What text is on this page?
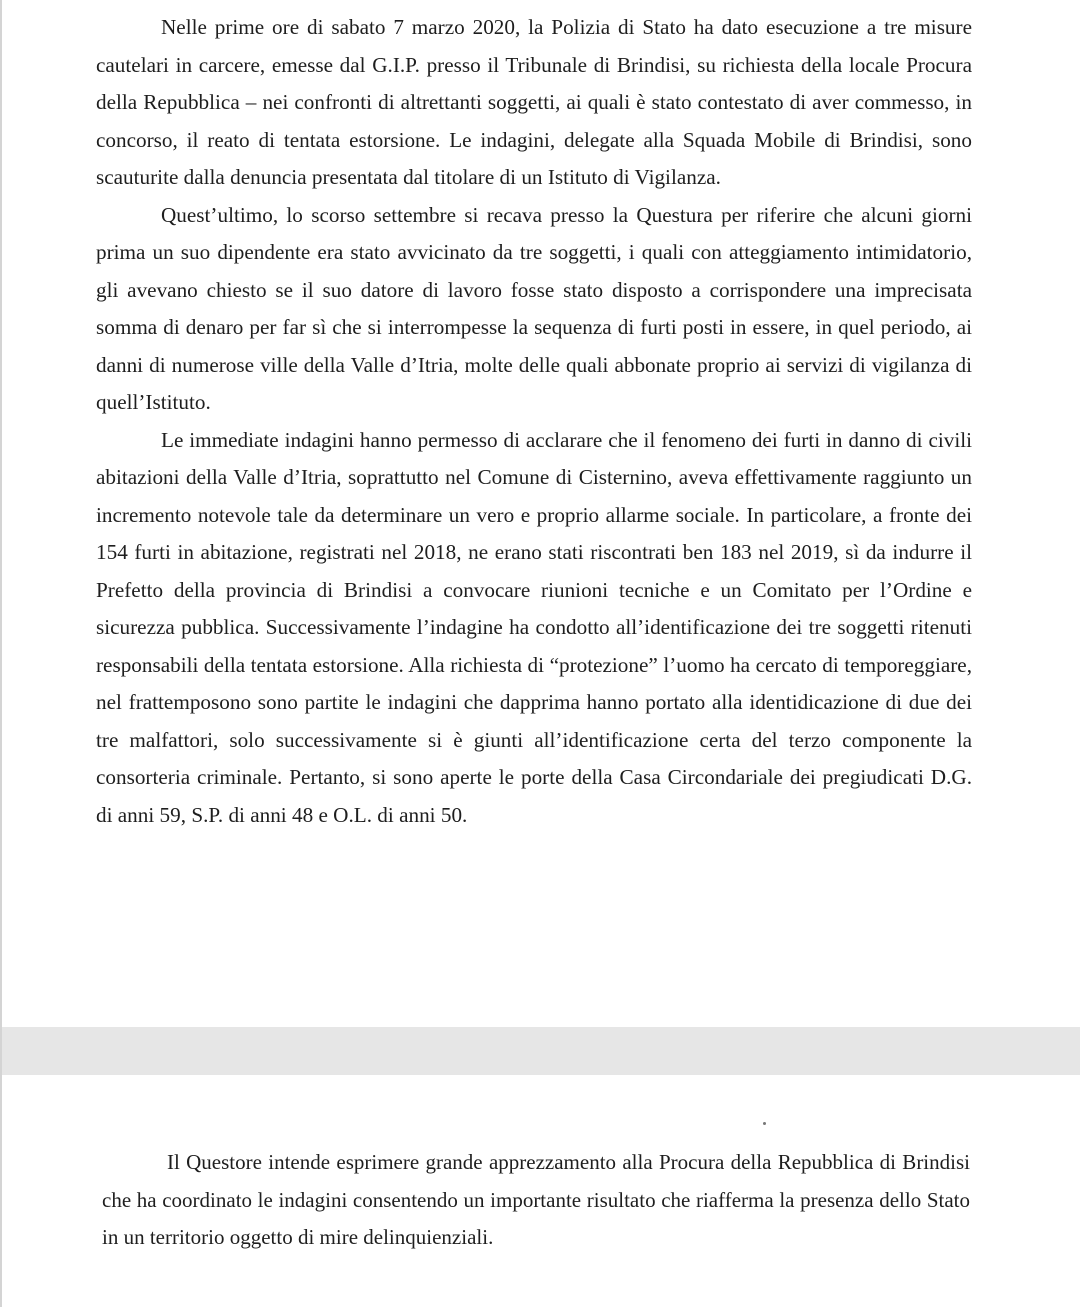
Nelle prime ore di sabato 7 marzo 2020, la Polizia di Stato ha dato esecuzione a tre misure cautelari in carcere, emesse dal G.I.P. presso il Tribunale di Brindisi, su richiesta della locale Procura della Repubblica – nei confronti di altrettanti soggetti, ai quali è stato contestato di aver commesso, in concorso, il reato di tentata estorsione. Le indagini, delegate alla Squada Mobile di Brindisi, sono scauturite dalla denuncia presentata dal titolare di un Istituto di Vigilanza.

Quest’ultimo, lo scorso settembre si recava presso la Questura per riferire che alcuni giorni prima un suo dipendente era stato avvicinato da tre soggetti, i quali con atteggiamento intimidatorio, gli avevano chiesto se il suo datore di lavoro fosse stato disposto a corrispondere una imprecisata somma di denaro per far sì che si interrompesse la sequenza di furti posti in essere, in quel periodo, ai danni di numerose ville della Valle d’Itria, molte delle quali abbonate proprio ai servizi di vigilanza di quell’Istituto.

Le immediate indagini hanno permesso di acclarare che il fenomeno dei furti in danno di civili abitazioni della Valle d’Itria, soprattutto nel Comune di Cisternino, aveva effettivamente raggiunto un incremento notevole tale da determinare un vero e proprio allarme sociale. In particolare, a fronte dei 154 furti in abitazione, registrati nel 2018, ne erano stati riscontrati ben 183 nel 2019, sì da indurre il Prefetto della provincia di Brindisi a convocare riunioni tecniche e un Comitato per l’Ordine e sicurezza pubblica. Successivamente l’indagine ha condotto all’identificazione dei tre soggetti ritenuti responsabili della tentata estorsione. Alla richiesta di “protezione” l’uomo ha cercato di temporeggiare, nel frattemposono sono partite le indagini che dapprima hanno portato alla identidicazione di due dei tre malfattori, solo successivamente si è giunti all’identificazione certa del terzo componente la consorteria criminale. Pertanto, si sono aperte le porte della Casa Circondariale dei pregiudicati D.G. di anni 59, S.P. di anni 48 e O.L. di anni 50.

Il Questore intende esprimere grande apprezzamento alla Procura della Repubblica di Brindisi che ha coordinato le indagini consentendo un importante risultato che riafferma la presenza dello Stato in un territorio oggetto di mire delinquienziali.
